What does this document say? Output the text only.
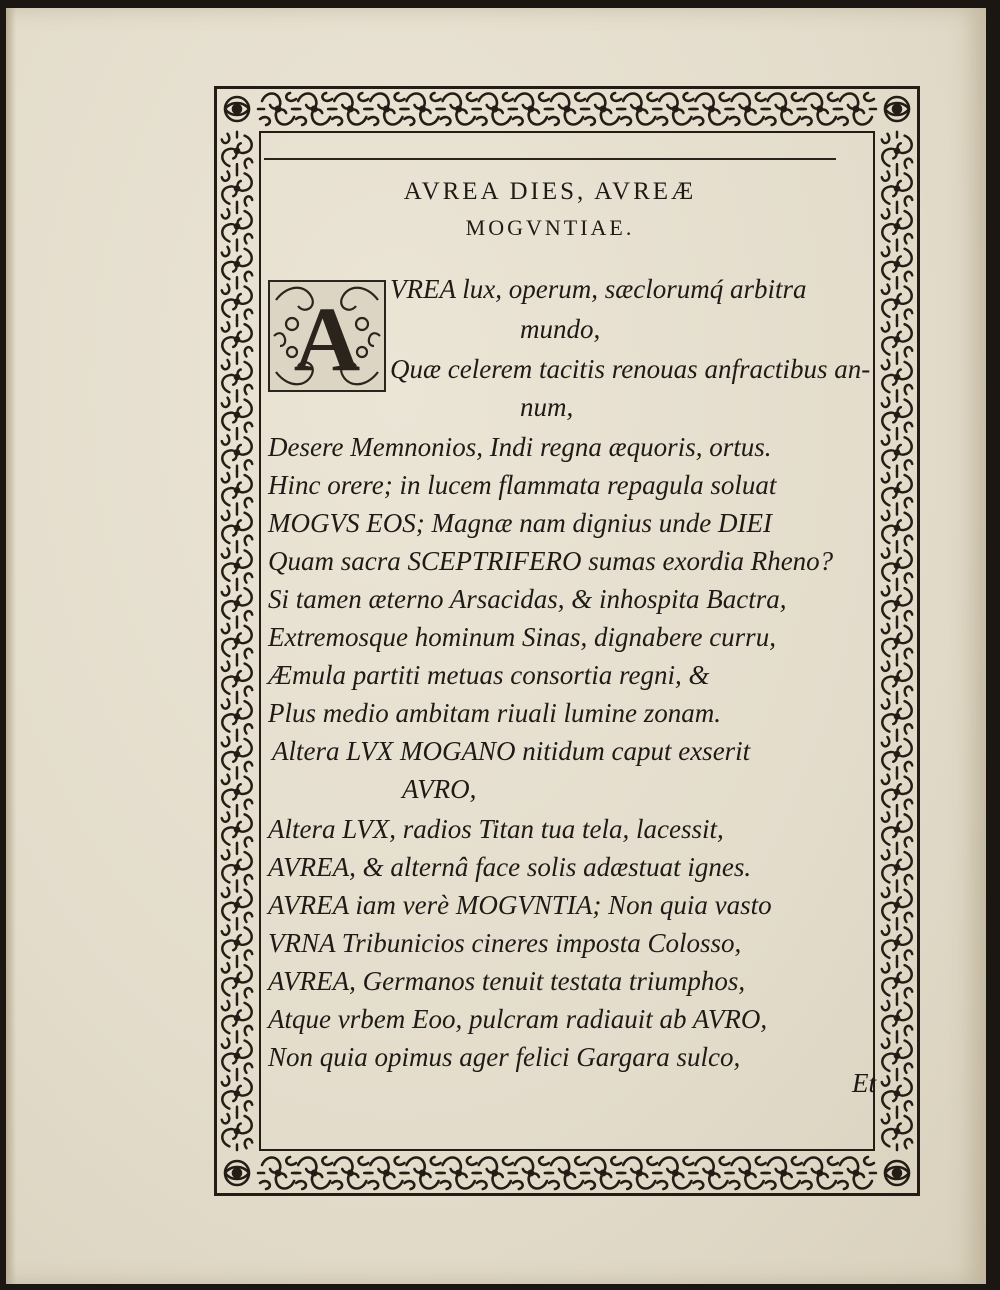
AVREA DIES, AVREÆ
MOGVNTIAE.
A VREA lux, operum, sæclorumq́ arbitra
mundo,
Quæ celerem tacitis renouas anfractibus an-
num,
Desere Memnonios, Indi regna æquoris, ortus.
Hinc orere; in lucem flammata repagula soluat
MOGVS EOS; Magnæ nam dignius unde DIEI
Quam sacra SCEPTRIFERO sumas exordia Rheno?
Si tamen æterno Arsacidas, & inhospita Bactra,
Extremosque hominum Sinas, dignabere curru,
Æmula partiti metuas consortia regni, &
Plus medio ambitam riuali lumine zonam.
Altera LVX MOGANO nitidum caput exserit
AVRO,
Altera LVX, radios Titan tua tela, lacessit,
AVREA, & alternâ face solis adæstuat ignes.
AVREA iam verè MOGVNTIA; Non quia vasto
VRNA Tribunicios cineres imposta Colosso,
AVREA, Germanos tenuit testata triumphos,
Atque vrbem Eoo, pulcram radiauit ab AVRO,
Non quia opimus ager felici Gargara sulco,
Et
